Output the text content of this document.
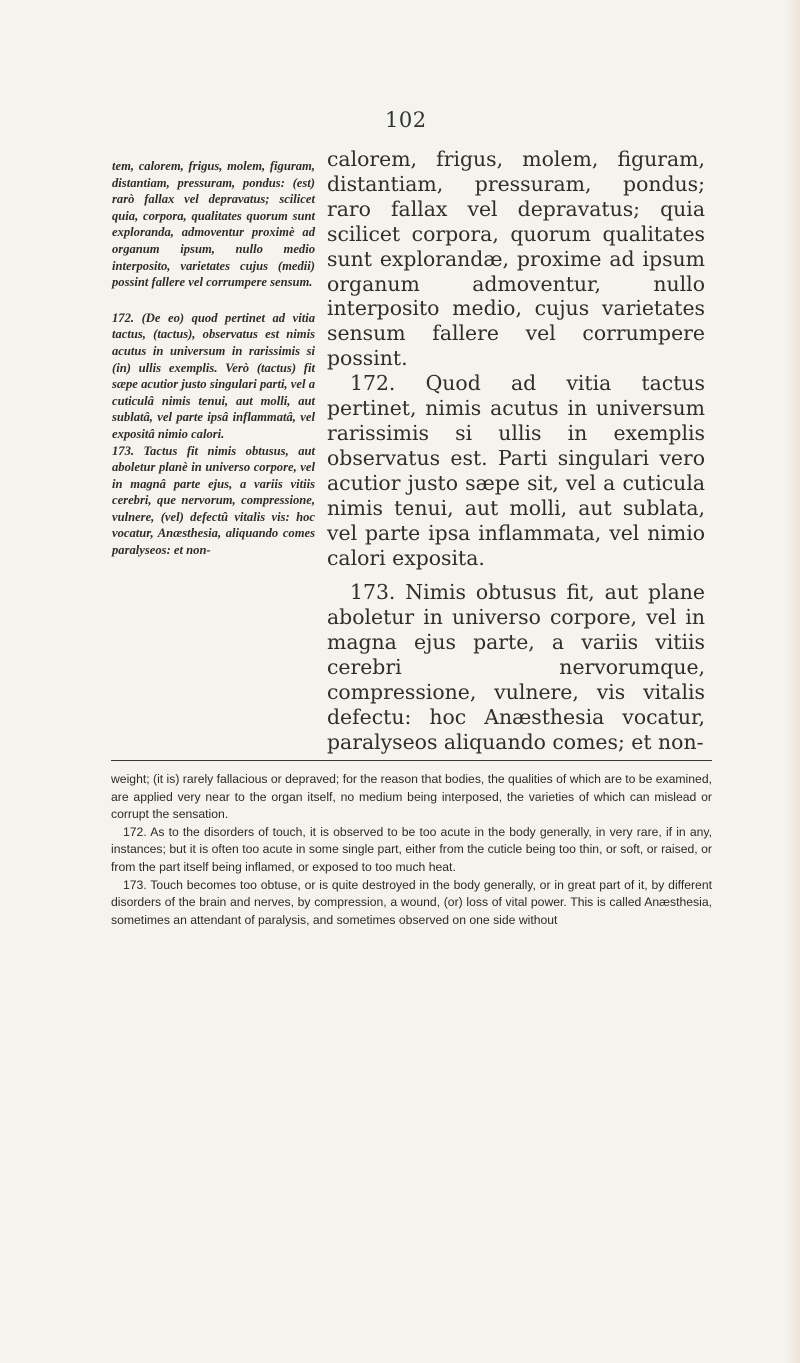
102

tem, calorem, frigus, molem, figuram, distantiam, pressuram, pondus: (est) rarò fallax vel depravatus; scilicet quia, corpora, qualitates quorum sunt exploranda, admoventur proximè ad organum ipsum, nullo medio interposito, varietates cujus (medii) possint fallere vel corrumpere sensum.

172. (De eo) quod pertinet ad vitia tactus, (tactus), observatus est nimis acutus in universum in rarissimis si (in) ullis exemplis. Verò (tactus) fit sæpe acutior justo singulari parti, vel a cuticulâ nimis tenui, aut molli, aut sublatâ, vel parte ipsâ inflammatâ, vel expositâ nimio calori.

173. Tactus fit nimis obtusus, aut aboletur planè in universo corpore, vel in magnâ parte ejus, a variis vitiis cerebri, que nervorum, compressione, vulnere, (vel) defectû vitalis vis: hoc vocatur, Anæsthesia, aliquando comes paralyseos: et non-

calorem, frigus, molem, figuram, distantiam, pressuram, pondus; raro fallax vel depravatus; quia scilicet corpora, quorum qualitates sunt explorandæ, proxime ad ipsum organum admoventur, nullo interposito medio, cujus varietates sensum fallere vel corrumpere possint.

172. Quod ad vitia tactus pertinet, nimis acutus in universum rarissimis si ullis in exemplis observatus est. Parti singulari vero acutior justo sæpe sit, vel a cuticula nimis tenui, aut molli, aut sublata, vel parte ipsa inflammata, vel nimio calori exposita.

173. Nimis obtusus fit, aut plane aboletur in universo corpore, vel in magna ejus parte, a variis vitiis cerebri nervorumque, compressione, vulnere, vis vitalis defectu: hoc Anæsthesia vocatur, paralyseos aliquando comes; et non-

weight; (it is) rarely fallacious or depraved; for the reason that bodies, the qualities of which are to be examined, are applied very near to the organ itself, no medium being interposed, the varieties of which can mislead or corrupt the sensation.

172. As to the disorders of touch, it is observed to be too acute in the body generally, in very rare, if in any, instances; but it is often too acute in some single part, either from the cuticle being too thin, or soft, or raised, or from the part itself being inflamed, or exposed to too much heat.

173. Touch becomes too obtuse, or is quite destroyed in the body generally, or in great part of it, by different disorders of the brain and nerves, by compression, a wound, (or) loss of vital power. This is called Anæsthesia, sometimes an attendant of paralysis, and sometimes observed on one side without
